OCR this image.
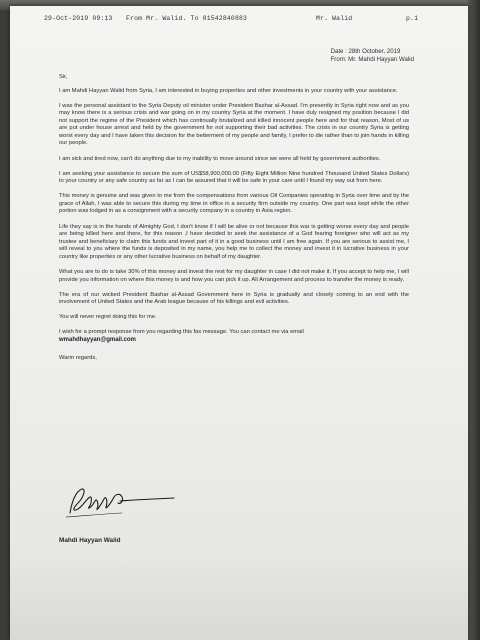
29-Oct-2019 09:13 From Mr. Walid. To 01542840883	Mr. Walid	p.1
Date : 28th October, 2019
From: Mr. Mahdi Hayyan Walid

Sir,

I am Mahdi Hayyan Walid from Syria, I am interested in buying properties and other investments in your country with your assistance.

I was the personal assistant to the Syria Deputy oil minister under President Bashar al-Assad. I'm presently in Syria right now and as you may know there is a serious crisis and war going on in my country Syria at the moment. I have duly resigned my position because I did not support the regime of the President which has continually brutalized and killed innocent people here and for that reason, Most of us are put under house arrest and held by the government for not supporting their bad activities. The crisis in our country Syria is getting worst every day and I have taken this decision for the betterment of my people and family, I prefer to die rather than to join hands in killing our people.

I am sick and tired now, can't do anything due to my inability to move around since we were all held by government authorities.

I am seeking your assistance to secure the sum of US$58,900,000.00 (Fifty Eight Million Nine hundred Thousand United States Dollars) to your country or any safe country as far as I can be assured that it will be safe in your care until I found my way out from here.

This money is genuine and was given to me from the compensations from various Oil Companies operating in Syria over time and by the grace of Allah, I was able to secure this during my time in office in a security firm outside my country. One part was kept while the other portion was lodged in as a consignment with a security company in a country in Asia region.

Life they say is in the hands of Almighty God, I don't know if I will be alive or not because this war is getting worse every day and people are being killed here and there, for this reason ,I have decided to seek the assistance of a God fearing foreigner who will act as my trustee and beneficiary to claim this funds and invest part of it in a good business until I am free again. If you are serious to assist me, I will reveal to you where the funds is deposited in my name, you help me to collect the money and invest it in lucrative business in your country like properties or any other lucrative business on behalf of my daughter.

What you are to do is take 30% of this money and invest the rest for my daughter in case I did not make it. If you accept to help me, I will provide you information on where this money is and how you can pick it up. All Arrangement and process to transfer the money is ready.

The era of our wicked President Bashar al-Assad Government here in Syria is gradually and closely coming to an end with the involvement of United States and the Arab league because of his killings and evil activities.

You will never regret doing this for me.

I wish for a prompt response from you regarding this fax message. You can contact me via email
wmahdhayyan@gmail.com

Warm regards,

Mahdi Hayyan Walid
